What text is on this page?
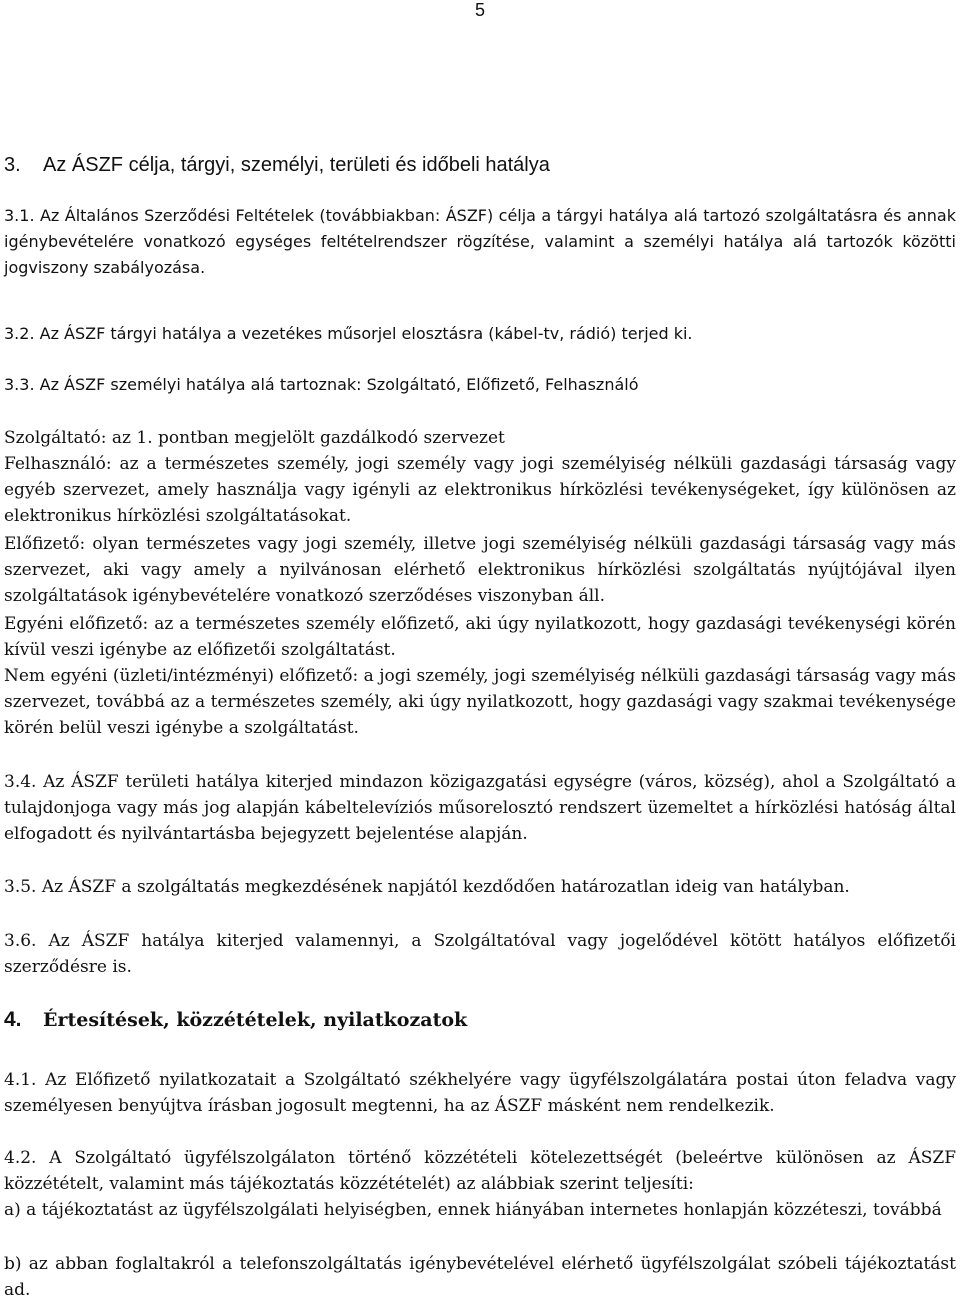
5
3. Az ÁSZF célja, tárgyi, személyi, területi és időbeli hatálya

3.1. Az Általános Szerződési Feltételek (továbbiakban: ÁSZF) célja a tárgyi hatálya alá tartozó szolgáltatásra és annak igénybevételére vonatkozó egységes feltételrendszer rögzítése, valamint a személyi hatálya alá tartozók közötti jogviszony szabályozása.

3.2. Az ÁSZF tárgyi hatálya a vezetékes műsorjel elosztásra (kábel-tv, rádió) terjed ki.

3.3. Az ÁSZF személyi hatálya alá tartoznak: Szolgáltató, Előfizető, Felhasználó

Szolgáltató: az 1. pontban megjelölt gazdálkodó szervezet

Felhasználó: az a természetes személy, jogi személy vagy jogi személyiség nélküli gazdasági társaság vagy egyéb szervezet, amely használja vagy igényli az elektronikus hírközlési tevékenységeket, így különösen az elektronikus hírközlési szolgáltatásokat.

Előfizető: olyan természetes vagy jogi személy, illetve jogi személyiség nélküli gazdasági társaság vagy más szervezet, aki vagy amely a nyilvánosan elérhető elektronikus hírközlési szolgáltatás nyújtójával ilyen szolgáltatások igénybevételére vonatkozó szerződéses viszonyban áll.

Egyéni előfizető: az a természetes személy előfizető, aki úgy nyilatkozott, hogy gazdasági tevékenységi körén kívül veszi igénybe az előfizetői szolgáltatást.

Nem egyéni (üzleti/intézményi) előfizető: a jogi személy, jogi személyiség nélküli gazdasági társaság vagy más szervezet, továbbá az a természetes személy, aki úgy nyilatkozott, hogy gazdasági vagy szakmai tevékenysége körén belül veszi igénybe a szolgáltatást.

3.4. Az ÁSZF területi hatálya kiterjed mindazon közigazgatási egységre (város, község), ahol a Szolgáltató a tulajdonjoga vagy más jog alapján kábeltelevíziós műsorelosztó rendszert üzemeltet a hírközlési hatóság által elfogadott és nyilvántartásba bejegyzett bejelentése alapján.

3.5. Az ÁSZF a szolgáltatás megkezdésének napjától kezdődően határozatlan ideig van hatályban.

3.6. Az ÁSZF hatálya kiterjed valamennyi, a Szolgáltatóval vagy jogelődével kötött hatályos előfizetői szerződésre is.

4. Értesítések, közzétételek, nyilatkozatok

4.1. Az Előfizető nyilatkozatait a Szolgáltató székhelyére vagy ügyfélszolgálatára postai úton feladva vagy személyesen benyújtva írásban jogosult megtenni, ha az ÁSZF másként nem rendelkezik.

4.2. A Szolgáltató ügyfélszolgálaton történő közzétételi kötelezettségét (beleértve különösen az ÁSZF közzétételt, valamint más tájékoztatás közzétételét) az alábbiak szerint teljesíti:

a) a tájékoztatást az ügyfélszolgálati helyiségben, ennek hiányában internetes honlapján közzéteszi, továbbá

b) az abban foglaltakról a telefonszolgáltatás igénybevételével elérhető ügyfélszolgálat szóbeli tájékoztatást ad.
